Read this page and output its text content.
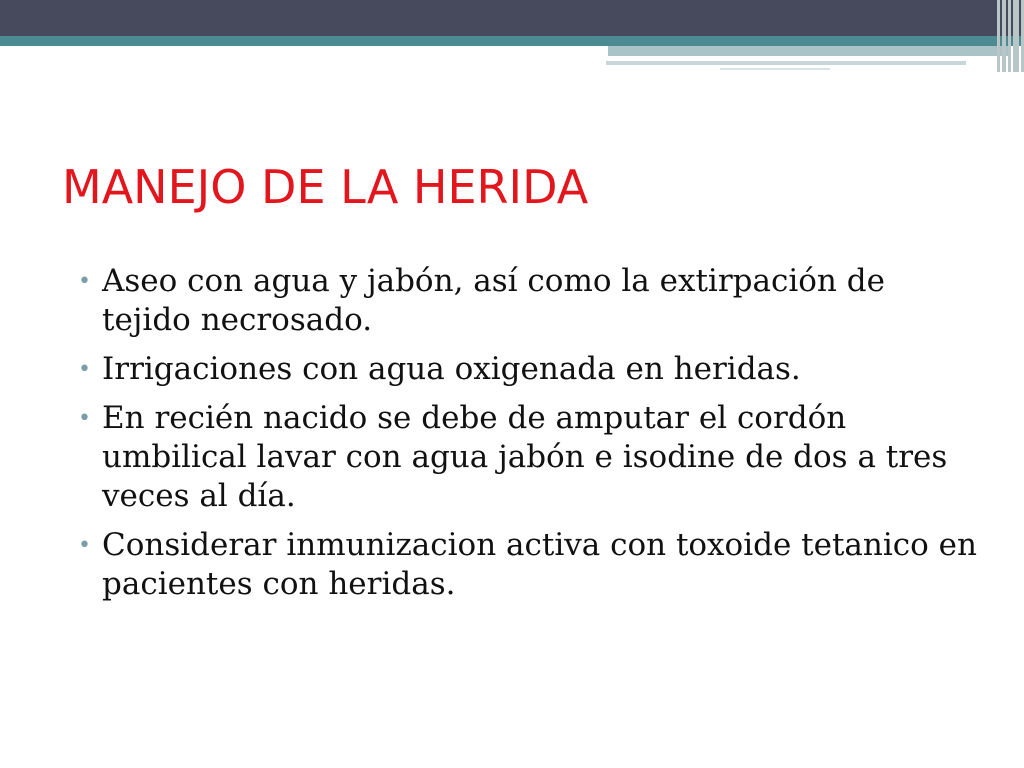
MANEJO DE LA HERIDA
• Aseo con agua y jabón, así como la extirpación de tejido necrosado.
• Irrigaciones con agua oxigenada en heridas.
• En recién nacido se debe de amputar el cordón umbilical lavar con agua jabón e isodine de dos a tres veces al día.
• Considerar inmunizacion activa con toxoide tetanico en pacientes con heridas.
